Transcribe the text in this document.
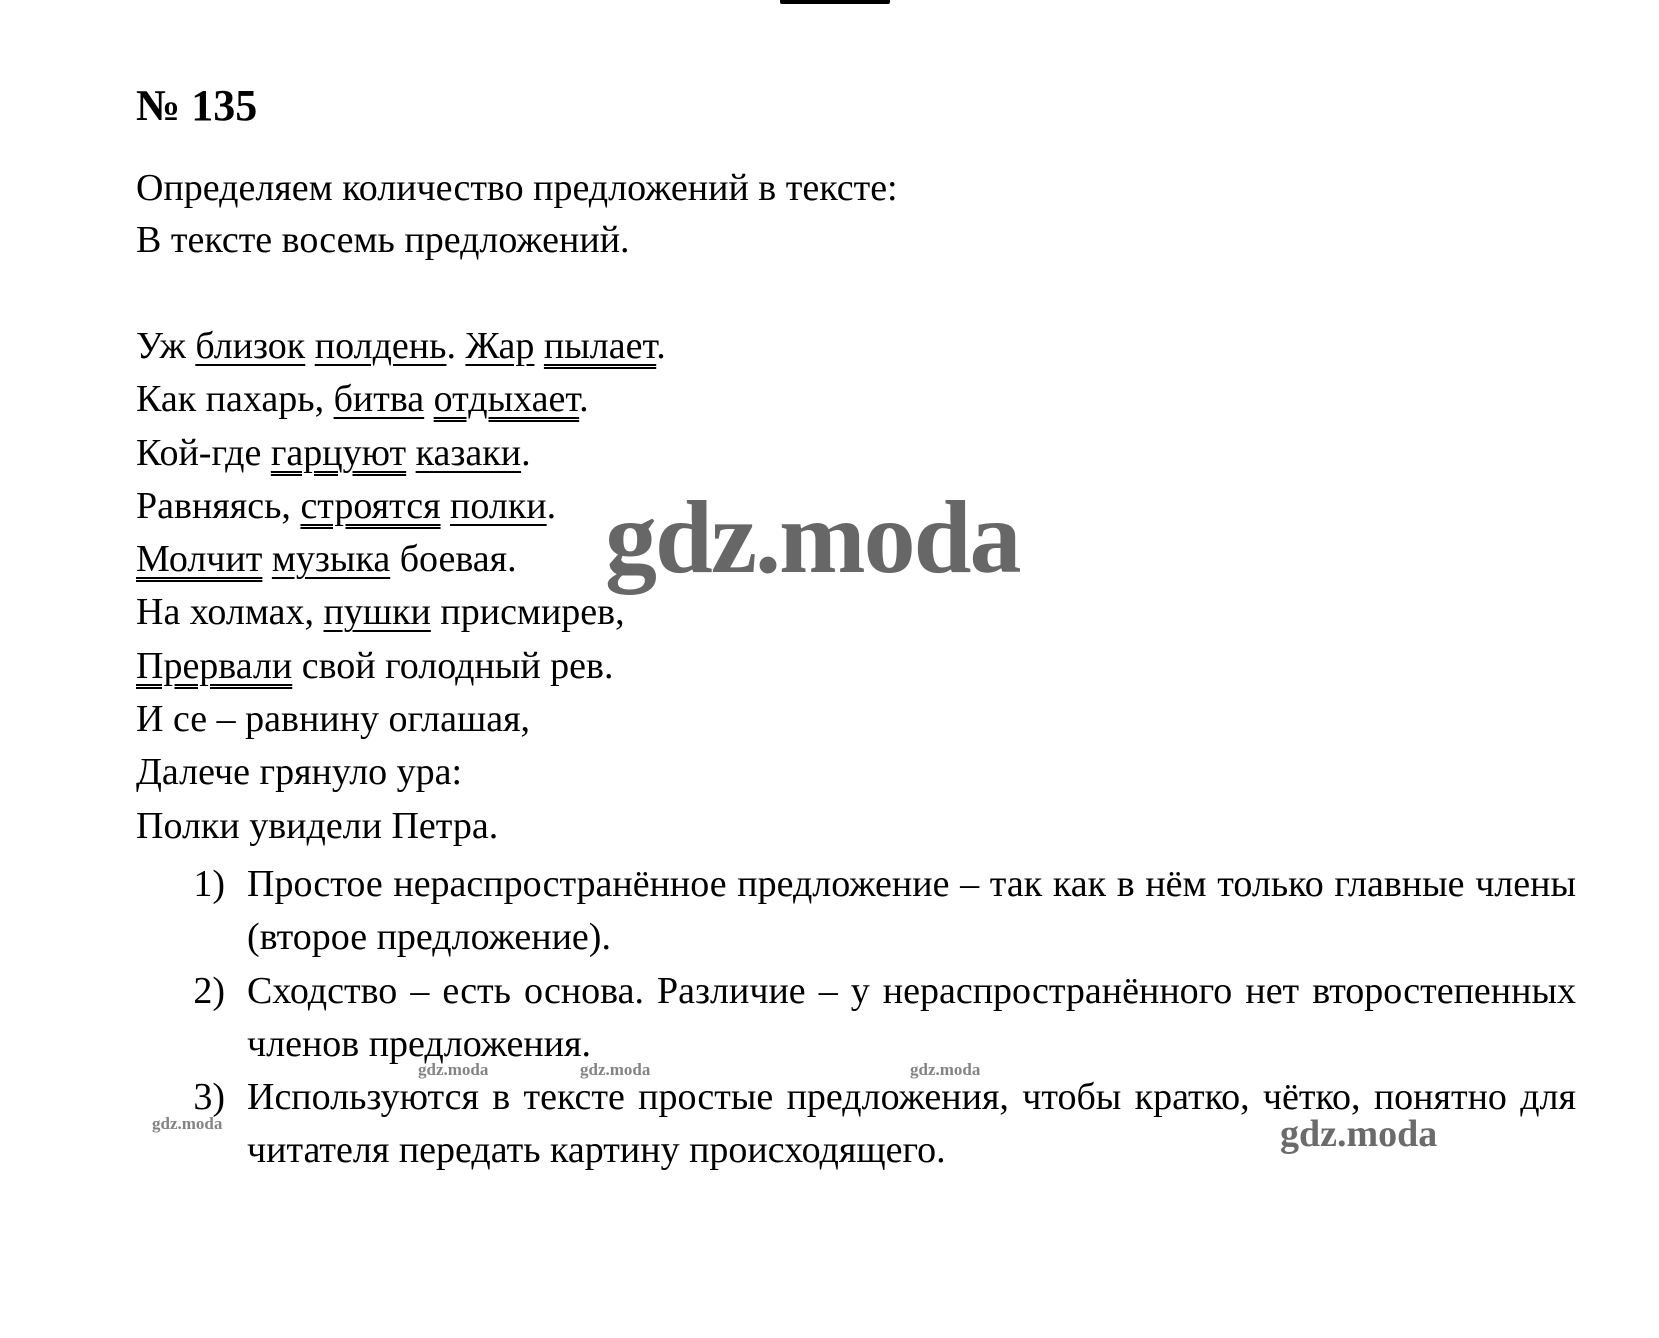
№ 135
Определяем количество предложений в тексте:
В тексте восемь предложений.
Уж близок полдень. Жар пылает.
Как пахарь, битва отдыхает.
Кой-где гарцуют казаки.
Равняясь, строятся полки.
Молчит музыка боевая.
На холмах, пушки присмирев,
Прервали свой голодный рев.
И се – равнину оглашая,
Далече грянуло ура:
Полки увидели Петра.
1) Простое нераспространённое предложение – так как в нём только главные члены (второе предложение).
2) Сходство – есть основа. Различие – у нераспространённого нет второстепенных членов предложения.
3) Используются в тексте простые предложения, чтобы кратко, чётко, понятно для читателя передать картину происходящего.
gdz.moda
gdz.moda
gdz.moda	gdz.moda	gdz.moda
gdz.moda
